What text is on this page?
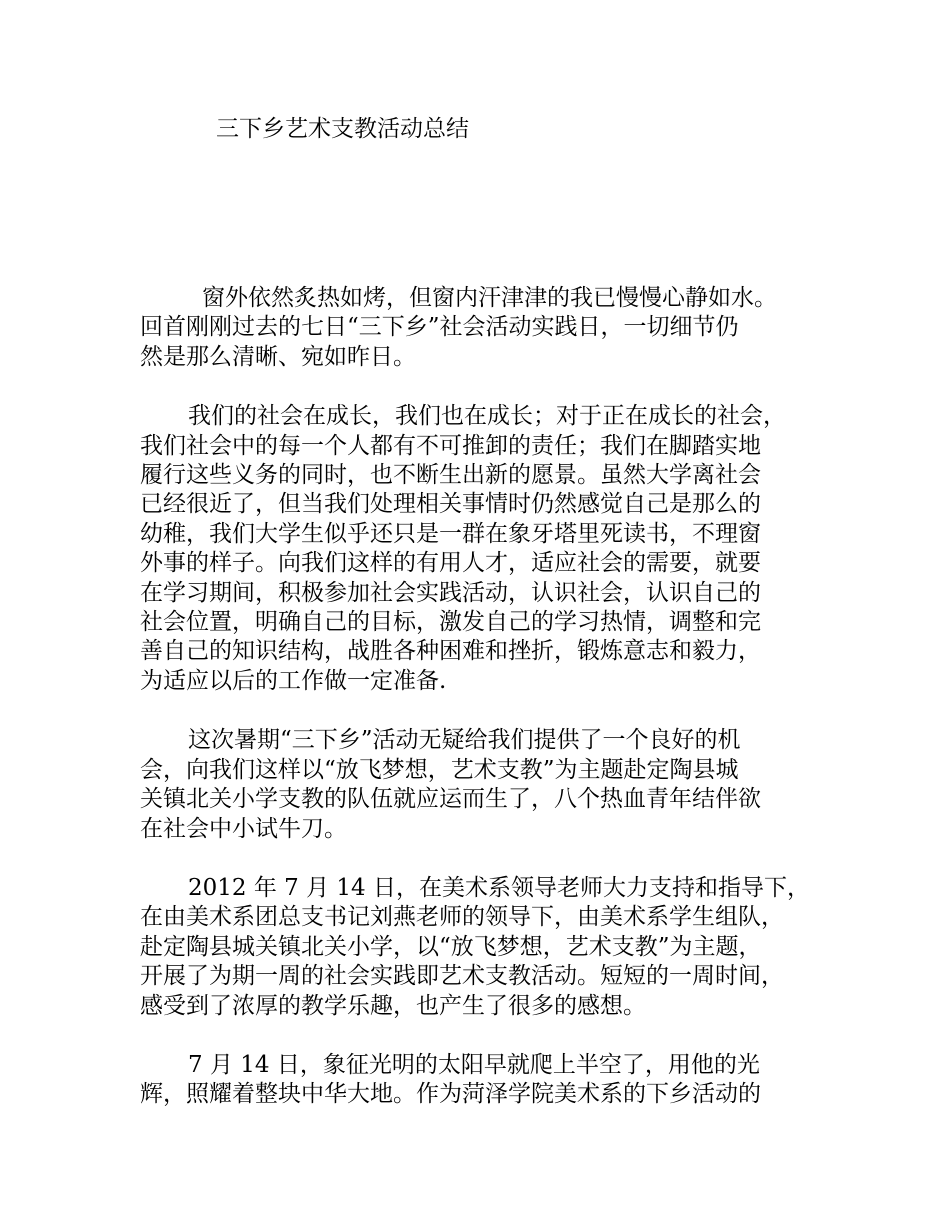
三下乡艺术支教活动总结

窗外依然炙热如烤，但窗内汗津津的我已慢慢心静如水。
回首刚刚过去的七日“三下乡”社会活动实践日，一切细节仍
然是那么清晰、宛如昨日。

我们的社会在成长，我们也在成长；对于正在成长的社会，
我们社会中的每一个人都有不可推卸的责任；我们在脚踏实地
履行这些义务的同时，也不断生出新的愿景。虽然大学离社会
已经很近了，但当我们处理相关事情时仍然感觉自己是那么的
幼稚，我们大学生似乎还只是一群在象牙塔里死读书，不理窗
外事的样子。向我们这样的有用人才，适应社会的需要，就要
在学习期间，积极参加社会实践活动，认识社会，认识自己的
社会位置，明确自己的目标，激发自己的学习热情，调整和完
善自己的知识结构，战胜各种困难和挫折，锻炼意志和毅力，
为适应以后的工作做一定准备.

这次暑期“三下乡”活动无疑给我们提供了一个良好的机
会，向我们这样以“放飞梦想，艺术支教”为主题赴定陶县城
关镇北关小学支教的队伍就应运而生了，八个热血青年结伴欲
在社会中小试牛刀。

2012 年 7 月 14 日，在美术系领导老师大力支持和指导下，
在由美术系团总支书记刘燕老师的领导下，由美术系学生组队，
赴定陶县城关镇北关小学，以“放飞梦想，艺术支教”为主题，
开展了为期一周的社会实践即艺术支教活动。短短的一周时间，
感受到了浓厚的教学乐趣，也产生了很多的感想。

7 月 14 日，象征光明的太阳早就爬上半空了，用他的光
辉，照耀着整块中华大地。作为菏泽学院美术系的下乡活动的
